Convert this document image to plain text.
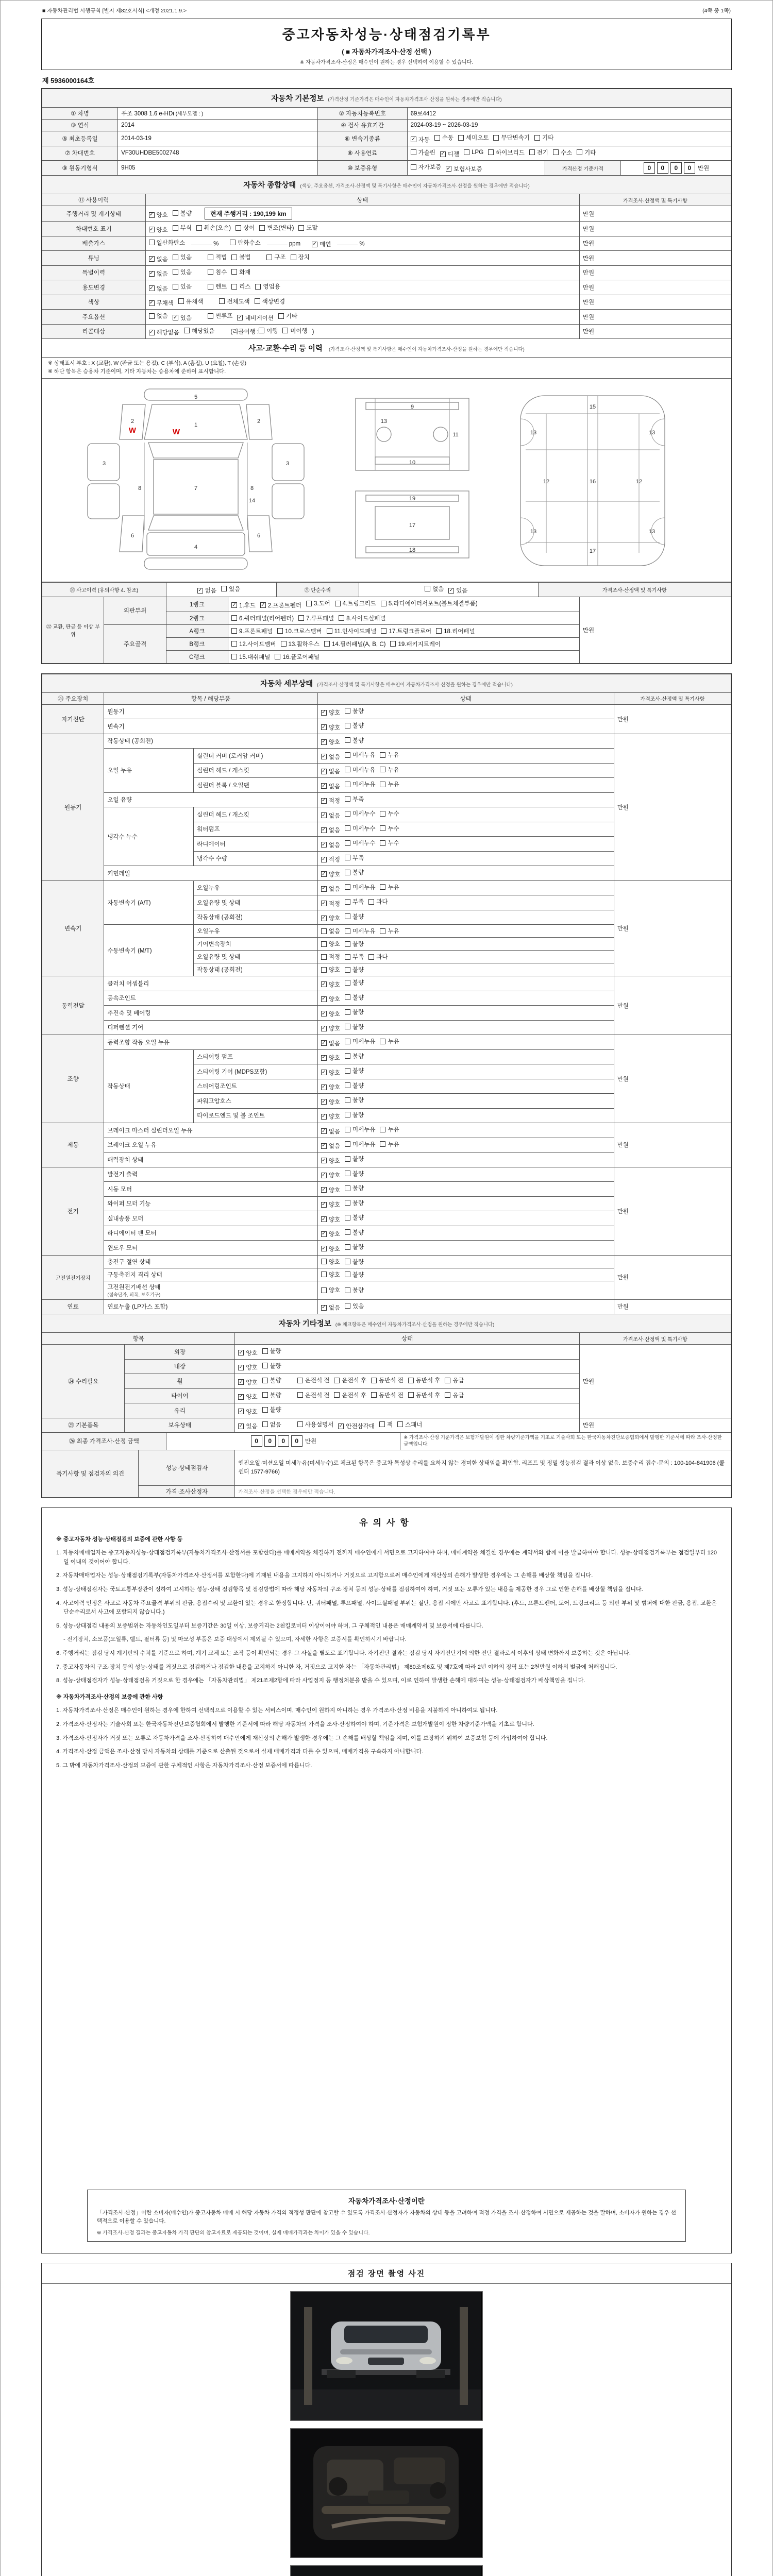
■ 자동차관리법 시행규칙 [별지 제82호서식] <개정 2021.1.9.>	(4쪽 중 1쪽)
중고자동차성능·상태점검기록부
( ■ 자동차가격조사·산정 선택 )
※ 자동차가격조사·산정은 매수인이 원하는 경우 선택하여 이용할 수 있습니다.
제 5936000164호
자동차 기본정보 (가격산정 기준가격은 매수인이 자동차가격조사·산정을 원하는 경우에만 적습니다)					
① 차명	푸조 3008 1.6 e-HDi (세부모델 : )	② 자동차등록번호	69로4412		
③ 연식	2014	④ 검사 유효기간	2024-03-19 ~ 2026-03-19		
⑤ 최초등록일	2014-03-19	⑥ 변속기종류	✓ 자동 수동 세미오토 무단변속기 기타

⑦ 차대번호	VF30UHDBE5002748	⑧ 사용연료	가솔린 ✓ 디젤 LPG 하이브리드 전기 수소 기타

⑨ 원동기형식	9H05	⑩ 보증유형	자가보증 ✓ 보험사보증	가격산정 기준가격	0 0 0 0 만원
자동차 종합상태 (색상, 주요옵션, 가격조사·산정액 및 특기사항은 매수인이 자동차가격조사·산정을 원하는 경우에만 적습니다)		
⑪ 사용이력	상태	가격조사·산정액 및 특기사항
주행거리 및 계기상태	✓ 양호 불량 현재 주행거리 : 190,199 km	만원
차대번호 표기	✓ 양호 부식 훼손(오손) 상이 변조(변타) 도말	만원
배출가스	일산화탄소	%	탄화수소	ppm ✓ 매연	%	만원
튜닝	✓ 없음 있음	적법 불법	구조 장치	만원
특별이력	✓ 없음 있음 침수 화재	만원
용도변경	✓ 없음 있음	렌트 리스 영업용	만원
색상	✓ 무채색 유채색 전체도색 색상변경	만원
주요옵션	없음 ✓ 있음	썬루프 ✓ 네비게이션 기타	만원
리콜대상	✓ 해당없음 해당있음	(리콜이행 : 이행 미이행 )	만원
사고·교환·수리 등 이력 (가격조사·산정액 및 특기사항은 매수인이 자동차가격조사·산정을 원하는 경우에만 적습니다)
※ 상태표시 부호 : X (교환), W (판금 또는 용접), C (부식), A (흠집), U (요철), T (손상)
※ 하단 항목은 승용차 기준이며, 기타 자동차는 승용차에 준하여 표시합니다.
5
1
2	2
3	3
7
8	8
14
6	6
4
9
13
11
10
19
17
18
15
13	13
12	12
16
13	13
17
W	W
⑳ 사고이력 (유의사항 4. 참조)	✓ 없음 있음	㉑ 단순수리	없음 ✓ 있음	가격조사·산정액 및 특기사항
㉒ 교환, 판금 등 이상 부위	외판부위	1랭크	✓ 1.후드 ✓ 2.프론트펜더 3.도어 4.트렁크리드 5.라디에이터서포트(볼트체결부품)
	만원
		2랭크	6.쿼터패널(리어펜더) 7.루프패널 8.사이드실패널	

	주요골격	A랭크	9.프론트패널 10.크로스멤버 11.인사이드패널 17.트렁크플로어 18.리어패널	

		B랭크	12.사이드멤버 13.휠하우스 14.필러패널(A, B, C) 19.패키지트레이	

		C랭크	15.대쉬패널 16.플로어패널	
자동차 세부상태 (가격조사·산정액 및 특기사항은 매수인이 자동차가격조사·산정을 원하는 경우에만 적습니다)				
㉓ 주요장치	항목 / 해당부품		상태	가격조사·산정액 및 특기사항
자기진단	원동기		✓ 양호 불량	만원
	변속기		✓ 양호 불량	

원동기	작동상태 (공회전)		✓ 양호 불량	만원
	오일 누유	실린더 커버 (로커암 커버)	✓ 없음 미세누유 누유	

		실린더 헤드 / 개스킷	✓ 없음 미세누유 누유	

		실린더 블록 / 오일팬	✓ 없음 미세누유 누유	

	오일 유량		✓ 적정 부족	

	냉각수 누수	실린더 헤드 / 개스킷	✓ 없음 미세누수 누수	

		워터펌프	✓ 없음 미세누수 누수	

		라디에이터	✓ 없음 미세누수 누수	

		냉각수 수량	✓ 적정 부족	

	커먼레일		✓ 양호 불량	

변속기	자동변속기 (A/T)	오일누유	✓ 없음 미세누유 누유	만원
		오일유량 및 상태	✓ 적정 부족 과다	

		작동상태 (공회전)	✓ 양호 불량	

	수동변속기 (M/T)	오일누유	없음 미세누유 누유	

		기어변속장치	양호 불량	

		오일유량 및 상태	적정 부족 과다	

		작동상태 (공회전)	양호 불량	

동력전달	클러치 어셈블리		✓ 양호 불량	만원
	등속조인트		✓ 양호 불량	

	추진축 및 베어링		✓ 양호 불량	

	디퍼렌셜 기어		✓ 양호 불량	

조향	동력조향 작동 오일 누유		✓ 없음 미세누유 누유	만원
	작동상태	스티어링 펌프	✓ 양호 불량	

		스티어링 기어 (MDPS포함)	✓ 양호 불량	

		스티어링조인트	✓ 양호 불량	

		파워고압호스	✓ 양호 불량	

		타이로드엔드 및 볼 조인트	✓ 양호 불량	

제동	브레이크 마스터 실린더오일 누유		✓ 없음 미세누유 누유	만원
	브레이크 오일 누유		✓ 없음 미세누유 누유	

	배력장치 상태		✓ 양호 불량	

전기	발전기 출력		✓ 양호 불량	만원
	시동 모터		✓ 양호 불량	

	와이퍼 모터 기능		✓ 양호 불량	

	실내송풍 모터		✓ 양호 불량	

	라디에이터 팬 모터		✓ 양호 불량	

	윈도우 모터		✓ 양호 불량	

고전원전기장치	충전구 절연 상태		양호 불량	만원
	구동축전지 격리 상태		양호 불량	

	고전원전기배선 상태
(접속단자, 피복, 보호기구)		양호 불량	

연료	연료누출 (LP가스 포함)		✓ 없음 있음	만원
자동차 기타정보 (※ 체크항목은 매수인이 자동차가격조사·산정을 원하는 경우에만 적습니다)			
항목		상태	가격조사·산정액 및 특기사항
㉔ 수리필요	외장	✓ 양호 불량	만원
	내장	✓ 양호 불량	

휠	✓ 양호 불량	운전석 전 운전석 후 동반석 전 동반석 후 응급

타이어	✓ 양호 불량	운전석 전 운전석 후 동반석 전 동반석 후 응급

	유리	✓ 양호 불량	

㉕ 기본품목	보유상태	✓ 있음 없음	사용설명서 ✓ 안전삼각대 잭 스패너	만원
㉖ 최종 가격조사·산정 금액	0 0 0 0 만원	※ 가격조사·산정 기준가격은 보험개발원이 정한 차량기준가액을 기초로 기술사회 또는 한국자동차진단보증협회에서 발행한 기준서에 따라 조사·산정한 금액입니다.
특기사항 및 점검자의 의견	성능·상태점검자	엔진오일·미션오일 미세누유(미세누수)로 체크된 항목은 중고차 특성상 수리를 요하지 않는 경미한 상태임을 확인함. 리프트 및 정밀 성능점검 결과 이상 없음. 보증수리 접수·문의 : 100-104-841906 (콜센터 1577-9766)
	가격·조사산정자	가격조사·산정을 선택한 경우에만 적습니다.
유의사항

※ 중고자동차 성능·상태점검의 보증에 관한 사항 등

1. 자동차매매업자는 중고자동차성능·상태점검기록부(자동차가격조사·산정서를 포함한다)를 매매계약을 체결하기 전까지 매수인에게 서면으로 고지하여야 하며, 매매계약을 체결한 경우에는 계약서와 함께 이를 발급하여야 합니다. 성능·상태점검기록부는 점검일부터 120일 이내의 것이어야 합니다.

2. 자동차매매업자는 성능·상태점검기록부(자동차가격조사·산정서를 포함한다)에 기재된 내용을 고지하지 아니하거나 거짓으로 고지함으로써 매수인에게 재산상의 손해가 발생한 경우에는 그 손해를 배상할 책임을 집니다.

3. 성능·상태점검자는 국토교통부장관이 정하여 고시하는 성능·상태 점검항목 및 점검방법에 따라 해당 자동차의 구조·장치 등의 성능·상태를 점검하여야 하며, 거짓 또는 오류가 있는 내용을 제공한 경우 그로 인한 손해를 배상할 책임을 집니다.

4. 사고이력 인정은 사고로 자동차 주요골격 부위의 판금, 용접수리 및 교환이 있는 경우로 한정합니다. 단, 쿼터패널, 루프패널, 사이드실패널 부위는 절단, 용접 시에만 사고로 표기합니다. (후드, 프론트펜더, 도어, 트렁크리드 등 외판 부위 및 범퍼에 대한 판금, 용접, 교환은 단순수리로서 사고에 포함되지 않습니다.)

5. 성능·상태점검 내용의 보증범위는 자동차인도일부터 보증기간은 30일 이상, 보증거리는 2천킬로미터 이상이어야 하며, 그 구체적인 내용은 매매계약서 및 보증서에 따릅니다.

- 전기장치, 소모품(오일류, 벨트, 필터류 등) 및 마모성 부품은 보증 대상에서 제외될 수 있으며, 자세한 사항은 보증서를 확인하시기 바랍니다.

6. 주행거리는 점검 당시 계기판의 수치를 기준으로 하며, 계기 교체 또는 조작 등이 확인되는 경우 그 사실을 별도로 표기합니다. 자기진단 결과는 점검 당시 자기진단기에 의한 진단 결과로서 이후의 상태 변화까지 보증하는 것은 아닙니다.

7. 중고자동차의 구조·장치 등의 성능·상태를 거짓으로 점검하거나 점검한 내용을 고지하지 아니한 자, 거짓으로 고지한 자는 「자동차관리법」 제80조제6호 및 제7호에 따라 2년 이하의 징역 또는 2천만원 이하의 벌금에 처해집니다.

8. 성능·상태점검자가 성능·상태점검을 거짓으로 한 경우에는 「자동차관리법」 제21조제2항에 따라 사업정지 등 행정처분을 받을 수 있으며, 이로 인하여 발생한 손해에 대하여는 성능·상태점검자가 배상책임을 집니다.

※ 자동차가격조사·산정의 보증에 관한 사항

1. 자동차가격조사·산정은 매수인이 원하는 경우에 한하여 선택적으로 이용할 수 있는 서비스이며, 매수인이 원하지 아니하는 경우 가격조사·산정 비용을 지불하지 아니하여도 됩니다.

2. 가격조사·산정자는 기술사회 또는 한국자동차진단보증협회에서 발행한 기준서에 따라 해당 자동차의 가격을 조사·산정하여야 하며, 기준가격은 보험개발원이 정한 차량기준가액을 기초로 합니다.

3. 가격조사·산정자가 거짓 또는 오류로 자동차가격을 조사·산정하여 매수인에게 재산상의 손해가 발생한 경우에는 그 손해를 배상할 책임을 지며, 이를 보장하기 위하여 보증보험 등에 가입하여야 합니다.

4. 가격조사·산정 금액은 조사·산정 당시 자동차의 상태를 기준으로 산출된 것으로서 실제 매매가격과 다를 수 있으며, 매매가격을 구속하지 아니합니다.

5. 그 밖에 자동차가격조사·산정의 보증에 관한 구체적인 사항은 자동차가격조사·산정 보증서에 따릅니다.

자동차가격조사·산정이란
「가격조사·산정」이란 소비자(매수인)가 중고자동차 매매 시 해당 자동차 가격의 적정성 판단에 참고할 수 있도록 가격조사·산정자가 자동차의 상태 등을 고려하여 적정 가격을 조사·산정하여 서면으로 제공하는 것을 말하며, 소비자가 원하는 경우 선택적으로 이용할 수 있습니다.
※ 가격조사·산정 결과는 중고자동차 가격 판단의 참고자료로 제공되는 것이며, 실제 매매가격과는 차이가 있을 수 있습니다.
점검 장면 촬영 사진
